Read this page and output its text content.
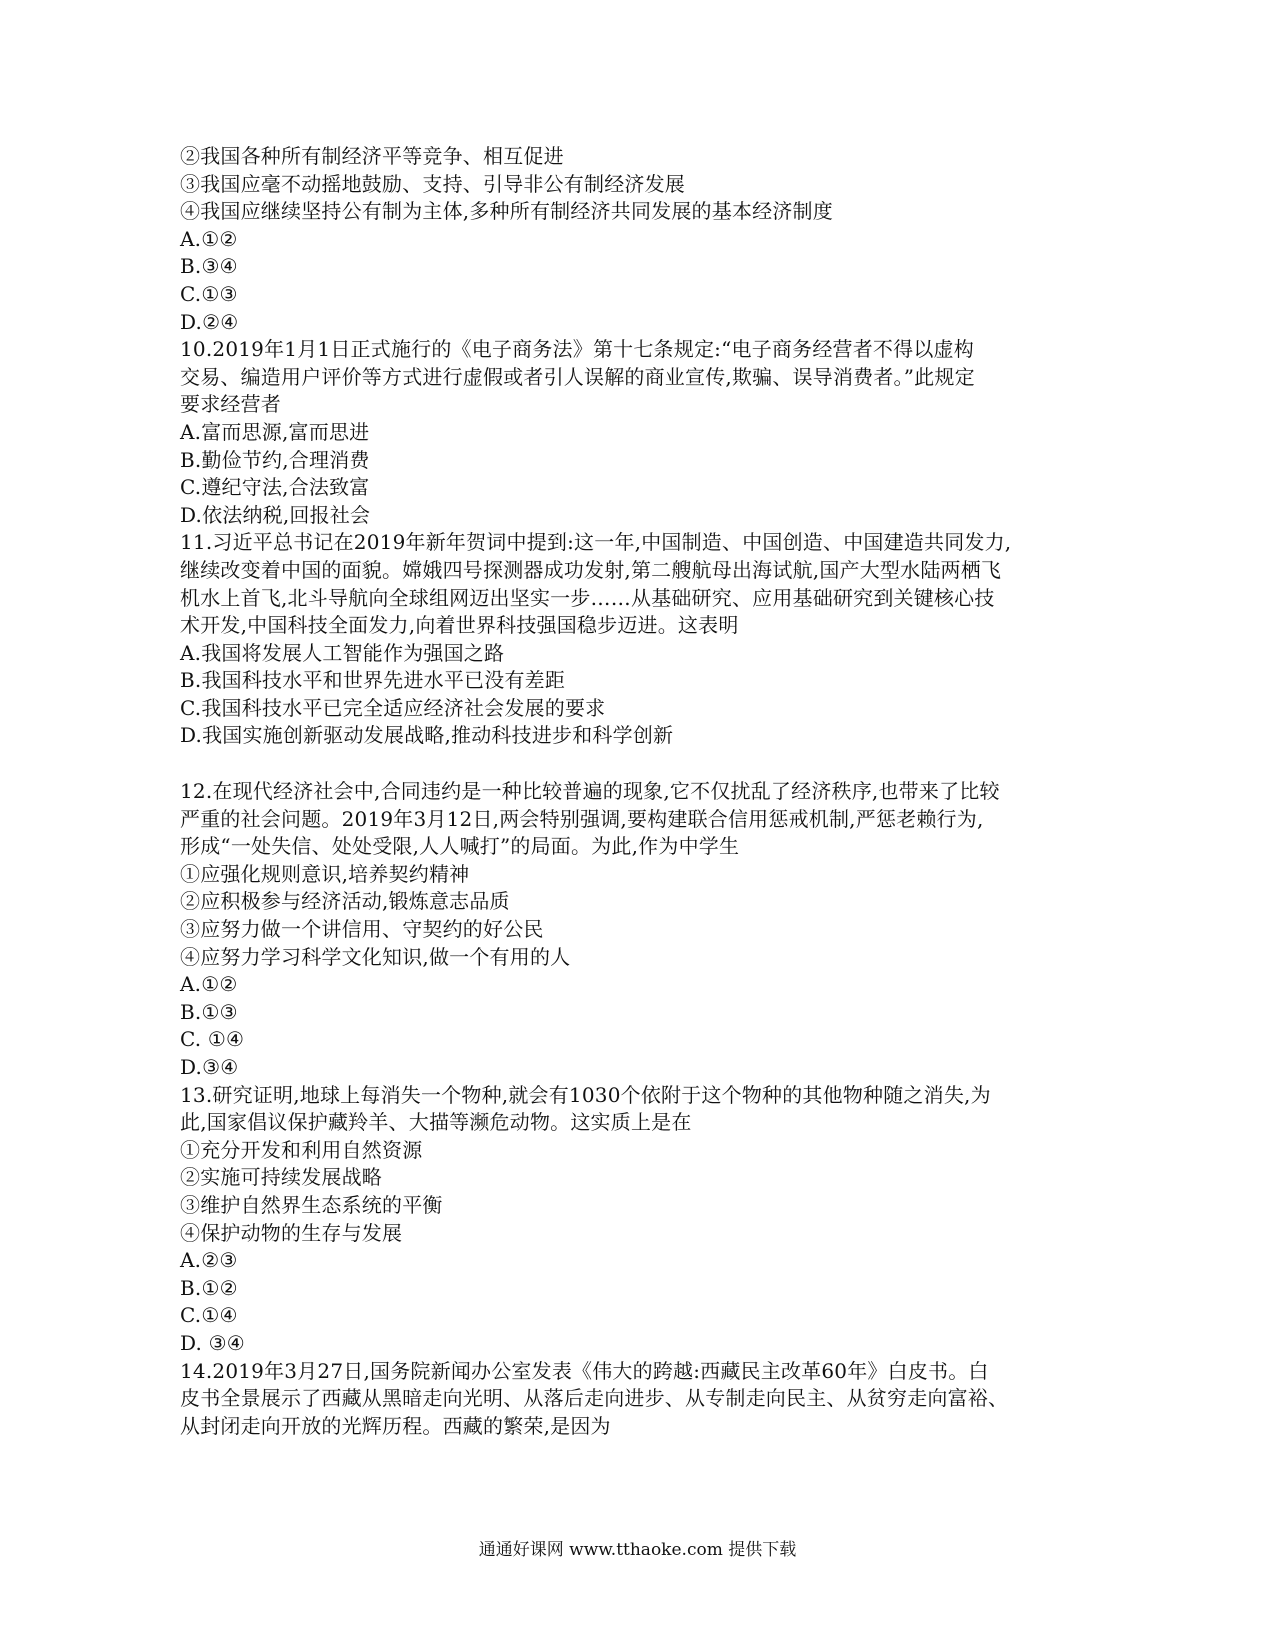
②我国各种所有制经济平等竞争、相互促进
③我国应毫不动摇地鼓励、支持、引导非公有制经济发展
④我国应继续坚持公有制为主体,多种所有制经济共同发展的基本经济制度
A.①②
B.③④
C.①③
D.②④
10.2019年1月1日正式施行的《电子商务法》第十七条规定:“电子商务经营者不得以虚构
交易、编造用户评价等方式进行虚假或者引人误解的商业宣传,欺骗、误导消费者。”此规定
要求经营者
A.富而思源,富而思进
B.勤俭节约,合理消费
C.遵纪守法,合法致富
D.依法纳税,回报社会
11.习近平总书记在2019年新年贺词中提到:这一年,中国制造、中国创造、中国建造共同发力,
继续改变着中国的面貌。嫦娥四号探测器成功发射,第二艘航母出海试航,国产大型水陆两栖飞
机水上首飞,北斗导航向全球组网迈出坚实一步……从基础研究、应用基础研究到关键核心技
术开发,中国科技全面发力,向着世界科技强国稳步迈进。这表明
A.我国将发展人工智能作为强国之路
B.我国科技水平和世界先进水平已没有差距
C.我国科技水平已完全适应经济社会发展的要求
D.我国实施创新驱动发展战略,推动科技进步和科学创新
12.在现代经济社会中,合同违约是一种比较普遍的现象,它不仅扰乱了经济秩序,也带来了比较
严重的社会问题。2019年3月12日,两会特别强调,要构建联合信用惩戒机制,严惩老赖行为,
形成“一处失信、处处受限,人人喊打”的局面。为此,作为中学生
①应强化规则意识,培养契约精神
②应积极参与经济活动,锻炼意志品质
③应努力做一个讲信用、守契约的好公民
④应努力学习科学文化知识,做一个有用的人
A.①②
B.①③
C. ①④
D.③④
13.研究证明,地球上每消失一个物种,就会有1030个依附于这个物种的其他物种随之消失,为
此,国家倡议保护藏羚羊、大描等濒危动物。这实质上是在
①充分开发和利用自然资源
②实施可持续发展战略
③维护自然界生态系统的平衡
④保护动物的生存与发展
A.②③
B.①②
C.①④
D. ③④
14.2019年3月27日,国务院新闻办公室发表《伟大的跨越:西藏民主改革60年》白皮书。白
皮书全景展示了西藏从黑暗走向光明、从落后走向进步、从专制走向民主、从贫穷走向富裕、
从封闭走向开放的光辉历程。西藏的繁荣,是因为
通通好课网 www.tthaoke.com 提供下载
